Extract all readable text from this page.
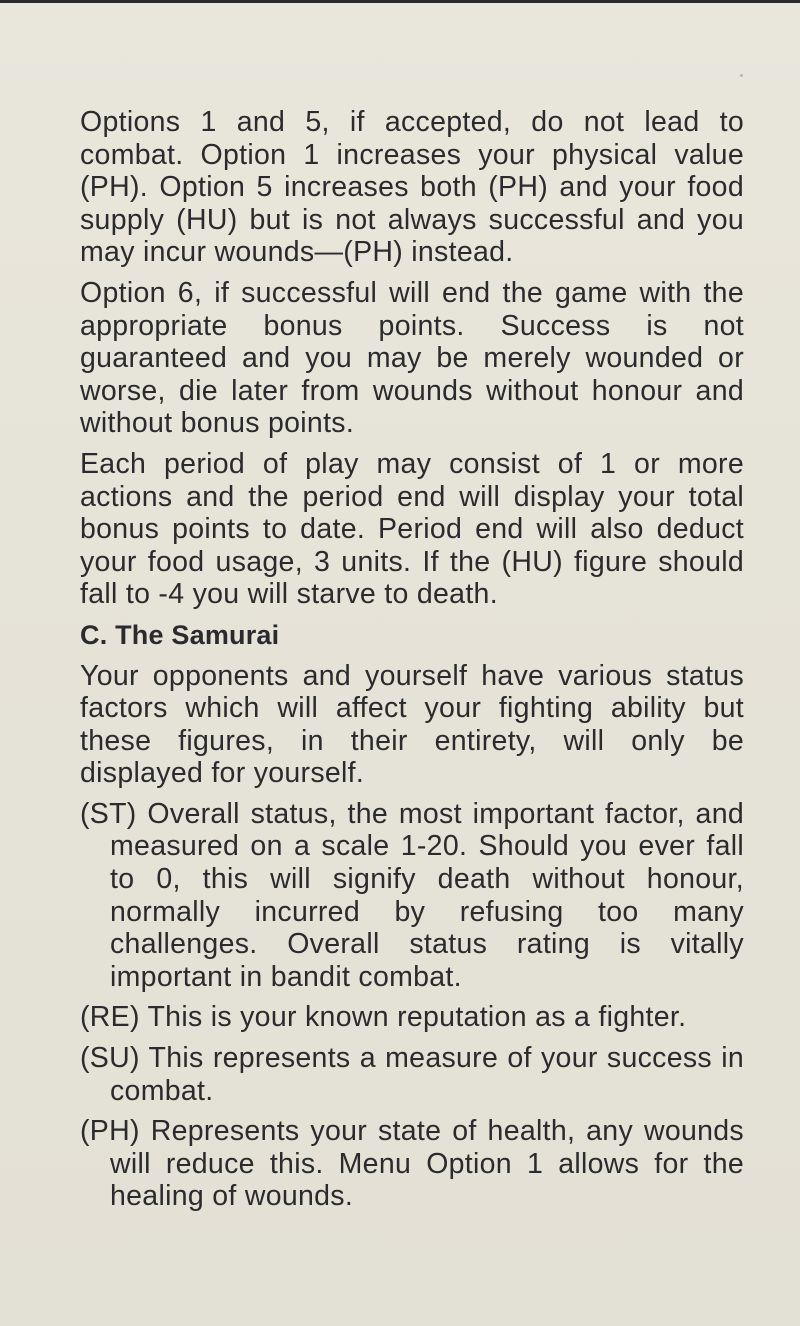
Options 1 and 5, if accepted, do not lead to combat. Option 1 increases your physical value (PH). Option 5 increases both (PH) and your food supply (HU) but is not always successful and you may incur wounds—(PH) instead.

Option 6, if successful will end the game with the appropriate bonus points. Success is not guaranteed and you may be merely wounded or worse, die later from wounds without honour and without bonus points.

Each period of play may consist of 1 or more actions and the period end will display your total bonus points to date. Period end will also deduct your food usage, 3 units. If the (HU) figure should fall to -4 you will starve to death.

C. The Samurai

Your opponents and yourself have various status factors which will affect your fighting ability but these figures, in their entirety, will only be displayed for yourself.

(ST) Overall status, the most important factor, and measured on a scale 1-20. Should you ever fall to 0, this will signify death without honour, normally incurred by refusing too many challenges. Overall status rating is vitally important in bandit combat.

(RE) This is your known reputation as a fighter.

(SU) This represents a measure of your success in combat.

(PH) Represents your state of health, any wounds will reduce this. Menu Option 1 allows for the healing of wounds.
